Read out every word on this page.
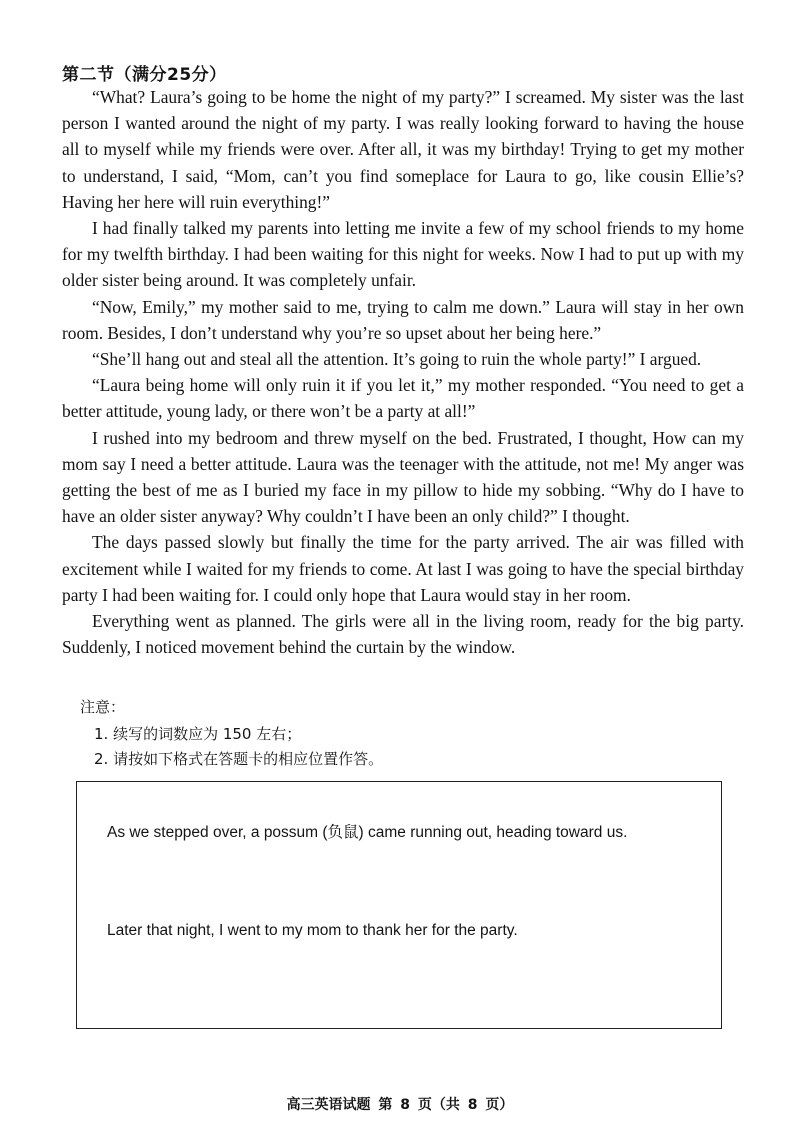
第二节（满分25分）

“What? Laura’s going to be home the night of my party?” I screamed. My sister was the last person I wanted around the night of my party. I was really looking forward to having the house all to myself while my friends were over. After all, it was my birthday! Trying to get my mother to understand, I said, “Mom, can’t you find someplace for Laura to go, like cousin Ellie’s? Having her here will ruin everything!”

I had finally talked my parents into letting me invite a few of my school friends to my home for my twelfth birthday. I had been waiting for this night for weeks. Now I had to put up with my older sister being around. It was completely unfair.

“Now, Emily,” my mother said to me, trying to calm me down.” Laura will stay in her own room. Besides, I don’t understand why you’re so upset about her being here.”

“She’ll hang out and steal all the attention. It’s going to ruin the whole party!” I argued.

“Laura being home will only ruin it if you let it,” my mother responded. “You need to get a better attitude, young lady, or there won’t be a party at all!”

I rushed into my bedroom and threw myself on the bed. Frustrated, I thought, How can my mom say I need a better attitude. Laura was the teenager with the attitude, not me! My anger was getting the best of me as I buried my face in my pillow to hide my sobbing. “Why do I have to have an older sister anyway? Why couldn’t I have been an only child?” I thought.

The days passed slowly but finally the time for the party arrived. The air was filled with excitement while I waited for my friends to come. At last I was going to have the special birthday party I had been waiting for. I could only hope that Laura would stay in her room.

Everything went as planned. The girls were all in the living room, ready for the big party. Suddenly, I noticed movement behind the curtain by the window.

注意：
1. 续写的词数应为 150 左右；
2. 请按如下格式在答题卡的相应位置作答。
As we stepped over, a possum (负鼠) came running out, heading toward us.
Later that night, I went to my mom to thank her for the party.
高三英语试题 第 8 页（共 8 页）
